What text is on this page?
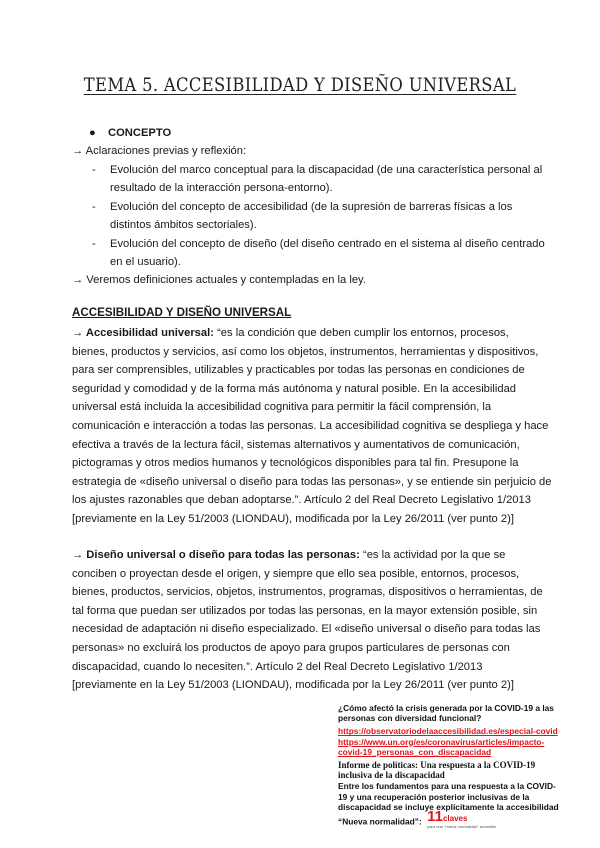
TEMA 5. ACCESIBILIDAD Y DISEÑO UNIVERSAL
● CONCEPTO
→ Aclaraciones previas y reflexión:
- Evolución del marco conceptual para la discapacidad (de una característica personal al
resultado de la interacción persona-entorno).
- Evolución del concepto de accesibilidad (de la supresión de barreras físicas a los
distintos ámbitos sectoriales).
- Evolución del concepto de diseño (del diseño centrado en el sistema al diseño centrado
en el usuario).
→ Veremos definiciones actuales y contempladas en la ley.
ACCESIBILIDAD Y DISEÑO UNIVERSAL
→ Accesibilidad universal: “es la condición que deben cumplir los entornos, procesos,
bienes, productos y servicios, así como los objetos, instrumentos, herramientas y dispositivos,
para ser comprensibles, utilizables y practicables por todas las personas en condiciones de
seguridad y comodidad y de la forma más autónoma y natural posible. En la accesibilidad
universal está incluida la accesibilidad cognitiva para permitir la fácil comprensión, la
comunicación e interacción a todas las personas. La accesibilidad cognitiva se despliega y hace
efectiva a través de la lectura fácil, sistemas alternativos y aumentativos de comunicación,
pictogramas y otros medios humanos y tecnológicos disponibles para tal fin. Presupone la
estrategia de «diseño universal o diseño para todas las personas», y se entiende sin perjuicio de
los ajustes razonables que deban adoptarse.”. Artículo 2 del Real Decreto Legislativo 1/2013
[previamente en la Ley 51/2003 (LIONDAU), modificada por la Ley 26/2011 (ver punto 2)]
→ Diseño universal o diseño para todas las personas: “es la actividad por la que se
conciben o proyectan desde el origen, y siempre que ello sea posible, entornos, procesos,
bienes, productos, servicios, objetos, instrumentos, programas, dispositivos o herramientas, de
tal forma que puedan ser utilizados por todas las personas, en la mayor extensión posible, sin
necesidad de adaptación ni diseño especializado. El «diseño universal o diseño para todas las
personas» no excluirá los productos de apoyo para grupos particulares de personas con
discapacidad, cuando lo necesiten.”. Artículo 2 del Real Decreto Legislativo 1/2013
[previamente en la Ley 51/2003 (LIONDAU), modificada por la Ley 26/2011 (ver punto 2)]
¿Cómo afectó la crisis generada por la COVID-19 a las
personas con diversidad funcional?
https://observatoriodelaaccesibilidad.es/especial-covid
https://www.un.org/es/coronavirus/articles/impacto-
covid-19_personas_con_discapacidad
Informe de políticas: Una respuesta a la COVID-19
inclusiva de la discapacidad
Entre los fundamentos para una respuesta a la COVID-
19 y una recuperación posterior inclusivas de la
discapacidad se incluye explícitamente la accesibilidad
“Nueva normalidad”: 11claves
para una "nueva normalidad" accesible
